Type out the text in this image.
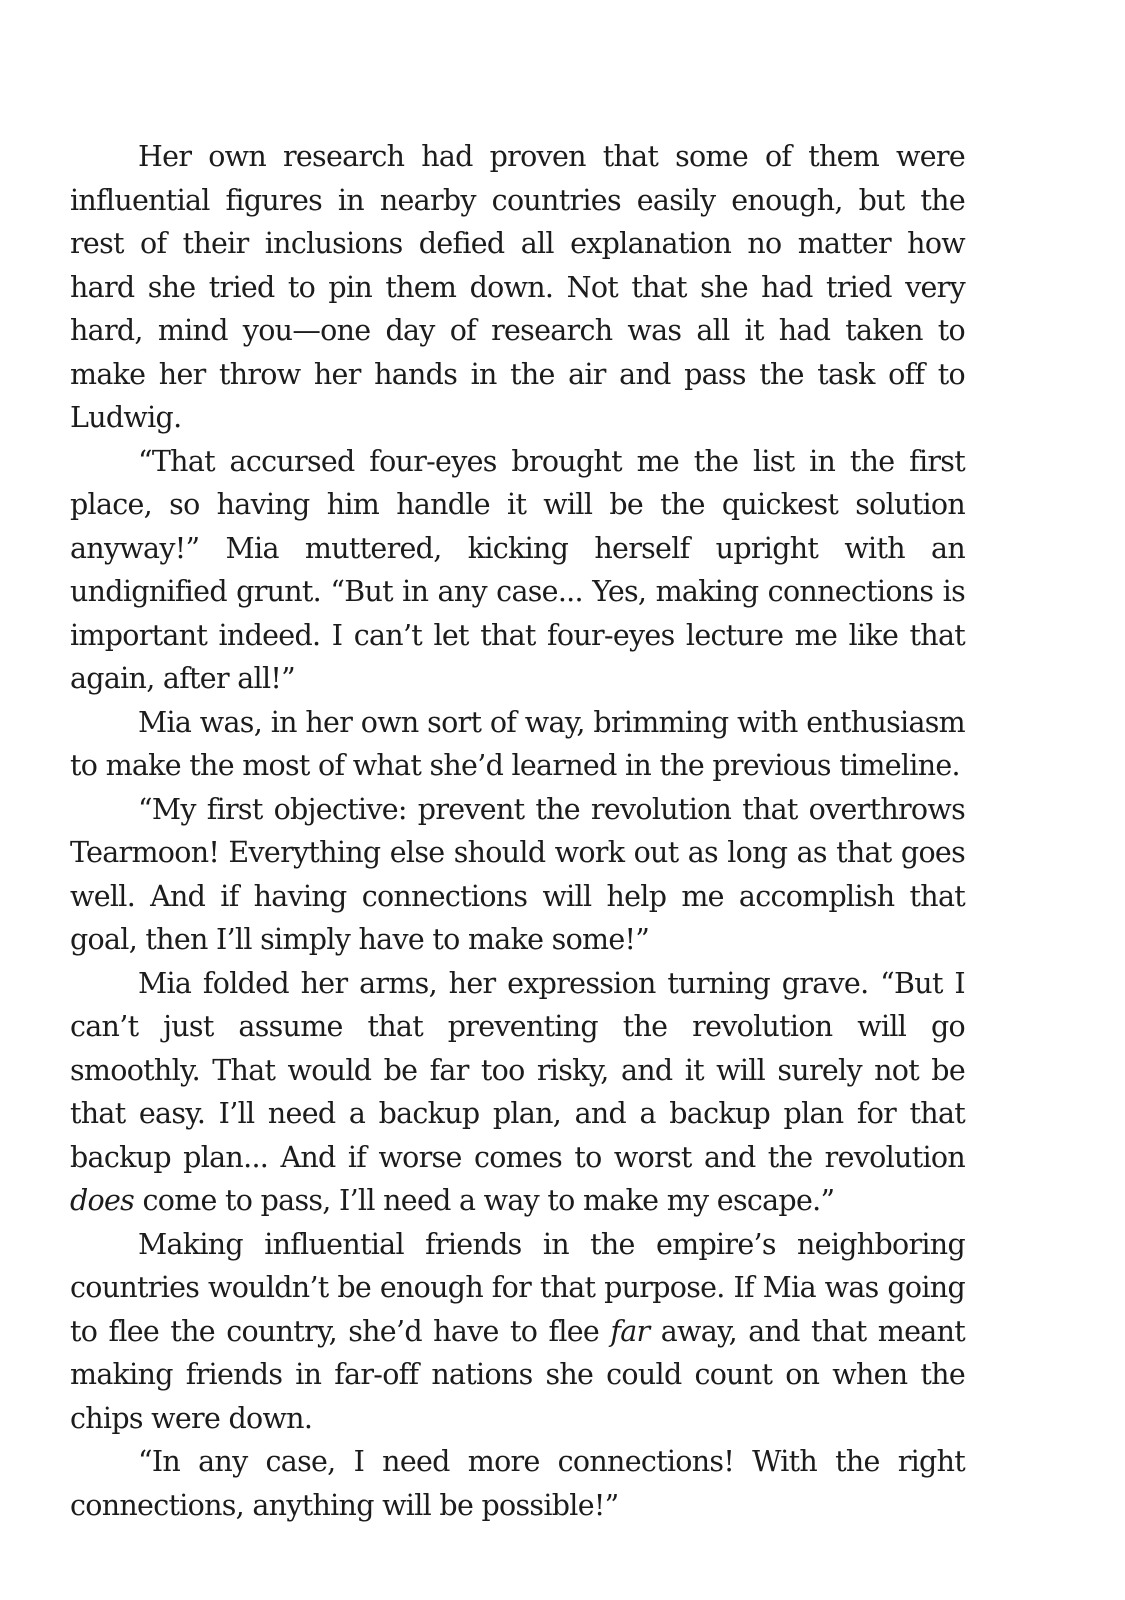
Her own research had proven that some of them were influential figures in nearby countries easily enough, but the rest of their inclusions defied all explanation no matter how hard she tried to pin them down. Not that she had tried very hard, mind you—one day of research was all it had taken to make her throw her hands in the air and pass the task off to Ludwig.

“That accursed four-eyes brought me the list in the first place, so having him handle it will be the quickest solution anyway!” Mia muttered, kicking herself upright with an undignified grunt. “But in any case... Yes, making connections is important indeed. I can’t let that four-eyes lecture me like that again, after all!”

Mia was, in her own sort of way, brimming with enthusiasm to make the most of what she’d learned in the previous timeline.

“My first objective: prevent the revolution that overthrows Tearmoon! Everything else should work out as long as that goes well. And if having connections will help me accomplish that goal, then I’ll simply have to make some!”

Mia folded her arms, her expression turning grave. “But I can’t just assume that preventing the revolution will go smoothly. That would be far too risky, and it will surely not be that easy. I’ll need a backup plan, and a backup plan for that backup plan... And if worse comes to worst and the revolution does come to pass, I’ll need a way to make my escape.”

Making influential friends in the empire’s neighboring countries wouldn’t be enough for that purpose. If Mia was going to flee the country, she’d have to flee far away, and that meant making friends in far-off nations she could count on when the chips were down.

“In any case, I need more connections! With the right connections, anything will be possible!”
